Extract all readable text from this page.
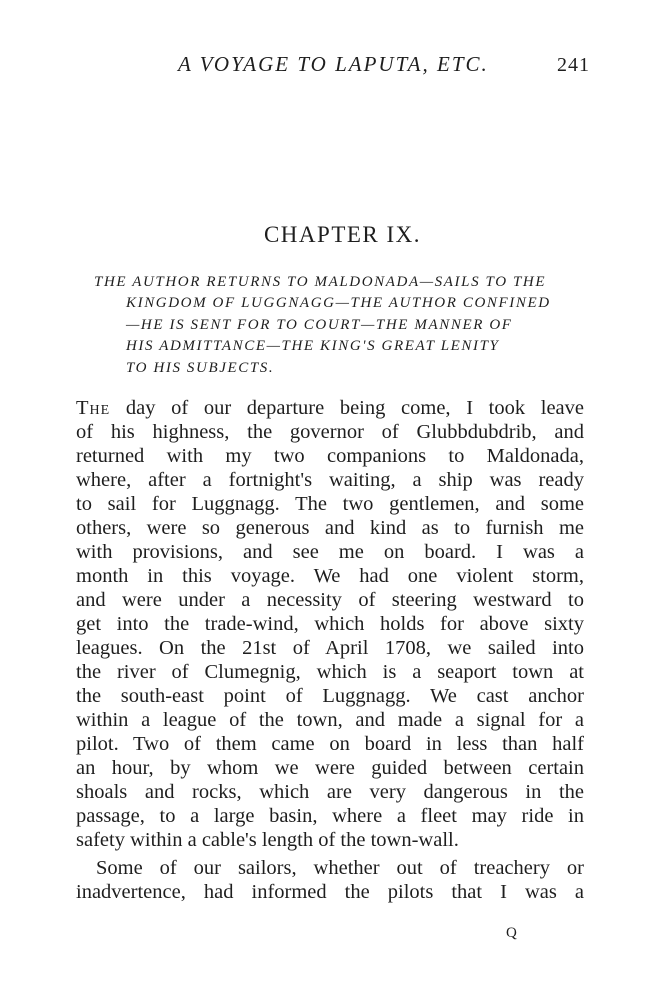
A VOYAGE TO LAPUTA, ETC.	241
CHAPTER IX.
THE AUTHOR RETURNS TO MALDONADA—SAILS TO THE
KINGDOM OF LUGGNAGG—THE AUTHOR CONFINED
—HE IS SENT FOR TO COURT—THE MANNER OF
HIS ADMITTANCE—THE KING'S GREAT LENITY
TO HIS SUBJECTS.
The day of our departure being come, I took leave
of his highness, the governor of Glubbdubdrib, and
returned with my two companions to Maldonada,
where, after a fortnight's waiting, a ship was ready
to sail for Luggnagg. The two gentlemen, and some
others, were so generous and kind as to furnish me
with provisions, and see me on board. I was a
month in this voyage. We had one violent storm,
and were under a necessity of steering westward to
get into the trade-wind, which holds for above sixty
leagues. On the 21st of April 1708, we sailed into
the river of Clumegnig, which is a seaport town at
the south-east point of Luggnagg. We cast anchor
within a league of the town, and made a signal for a
pilot. Two of them came on board in less than half
an hour, by whom we were guided between certain
shoals and rocks, which are very dangerous in the
passage, to a large basin, where a fleet may ride in
safety within a cable's length of the town-wall.
Some of our sailors, whether out of treachery or
inadvertence, had informed the pilots that I was a
Q
